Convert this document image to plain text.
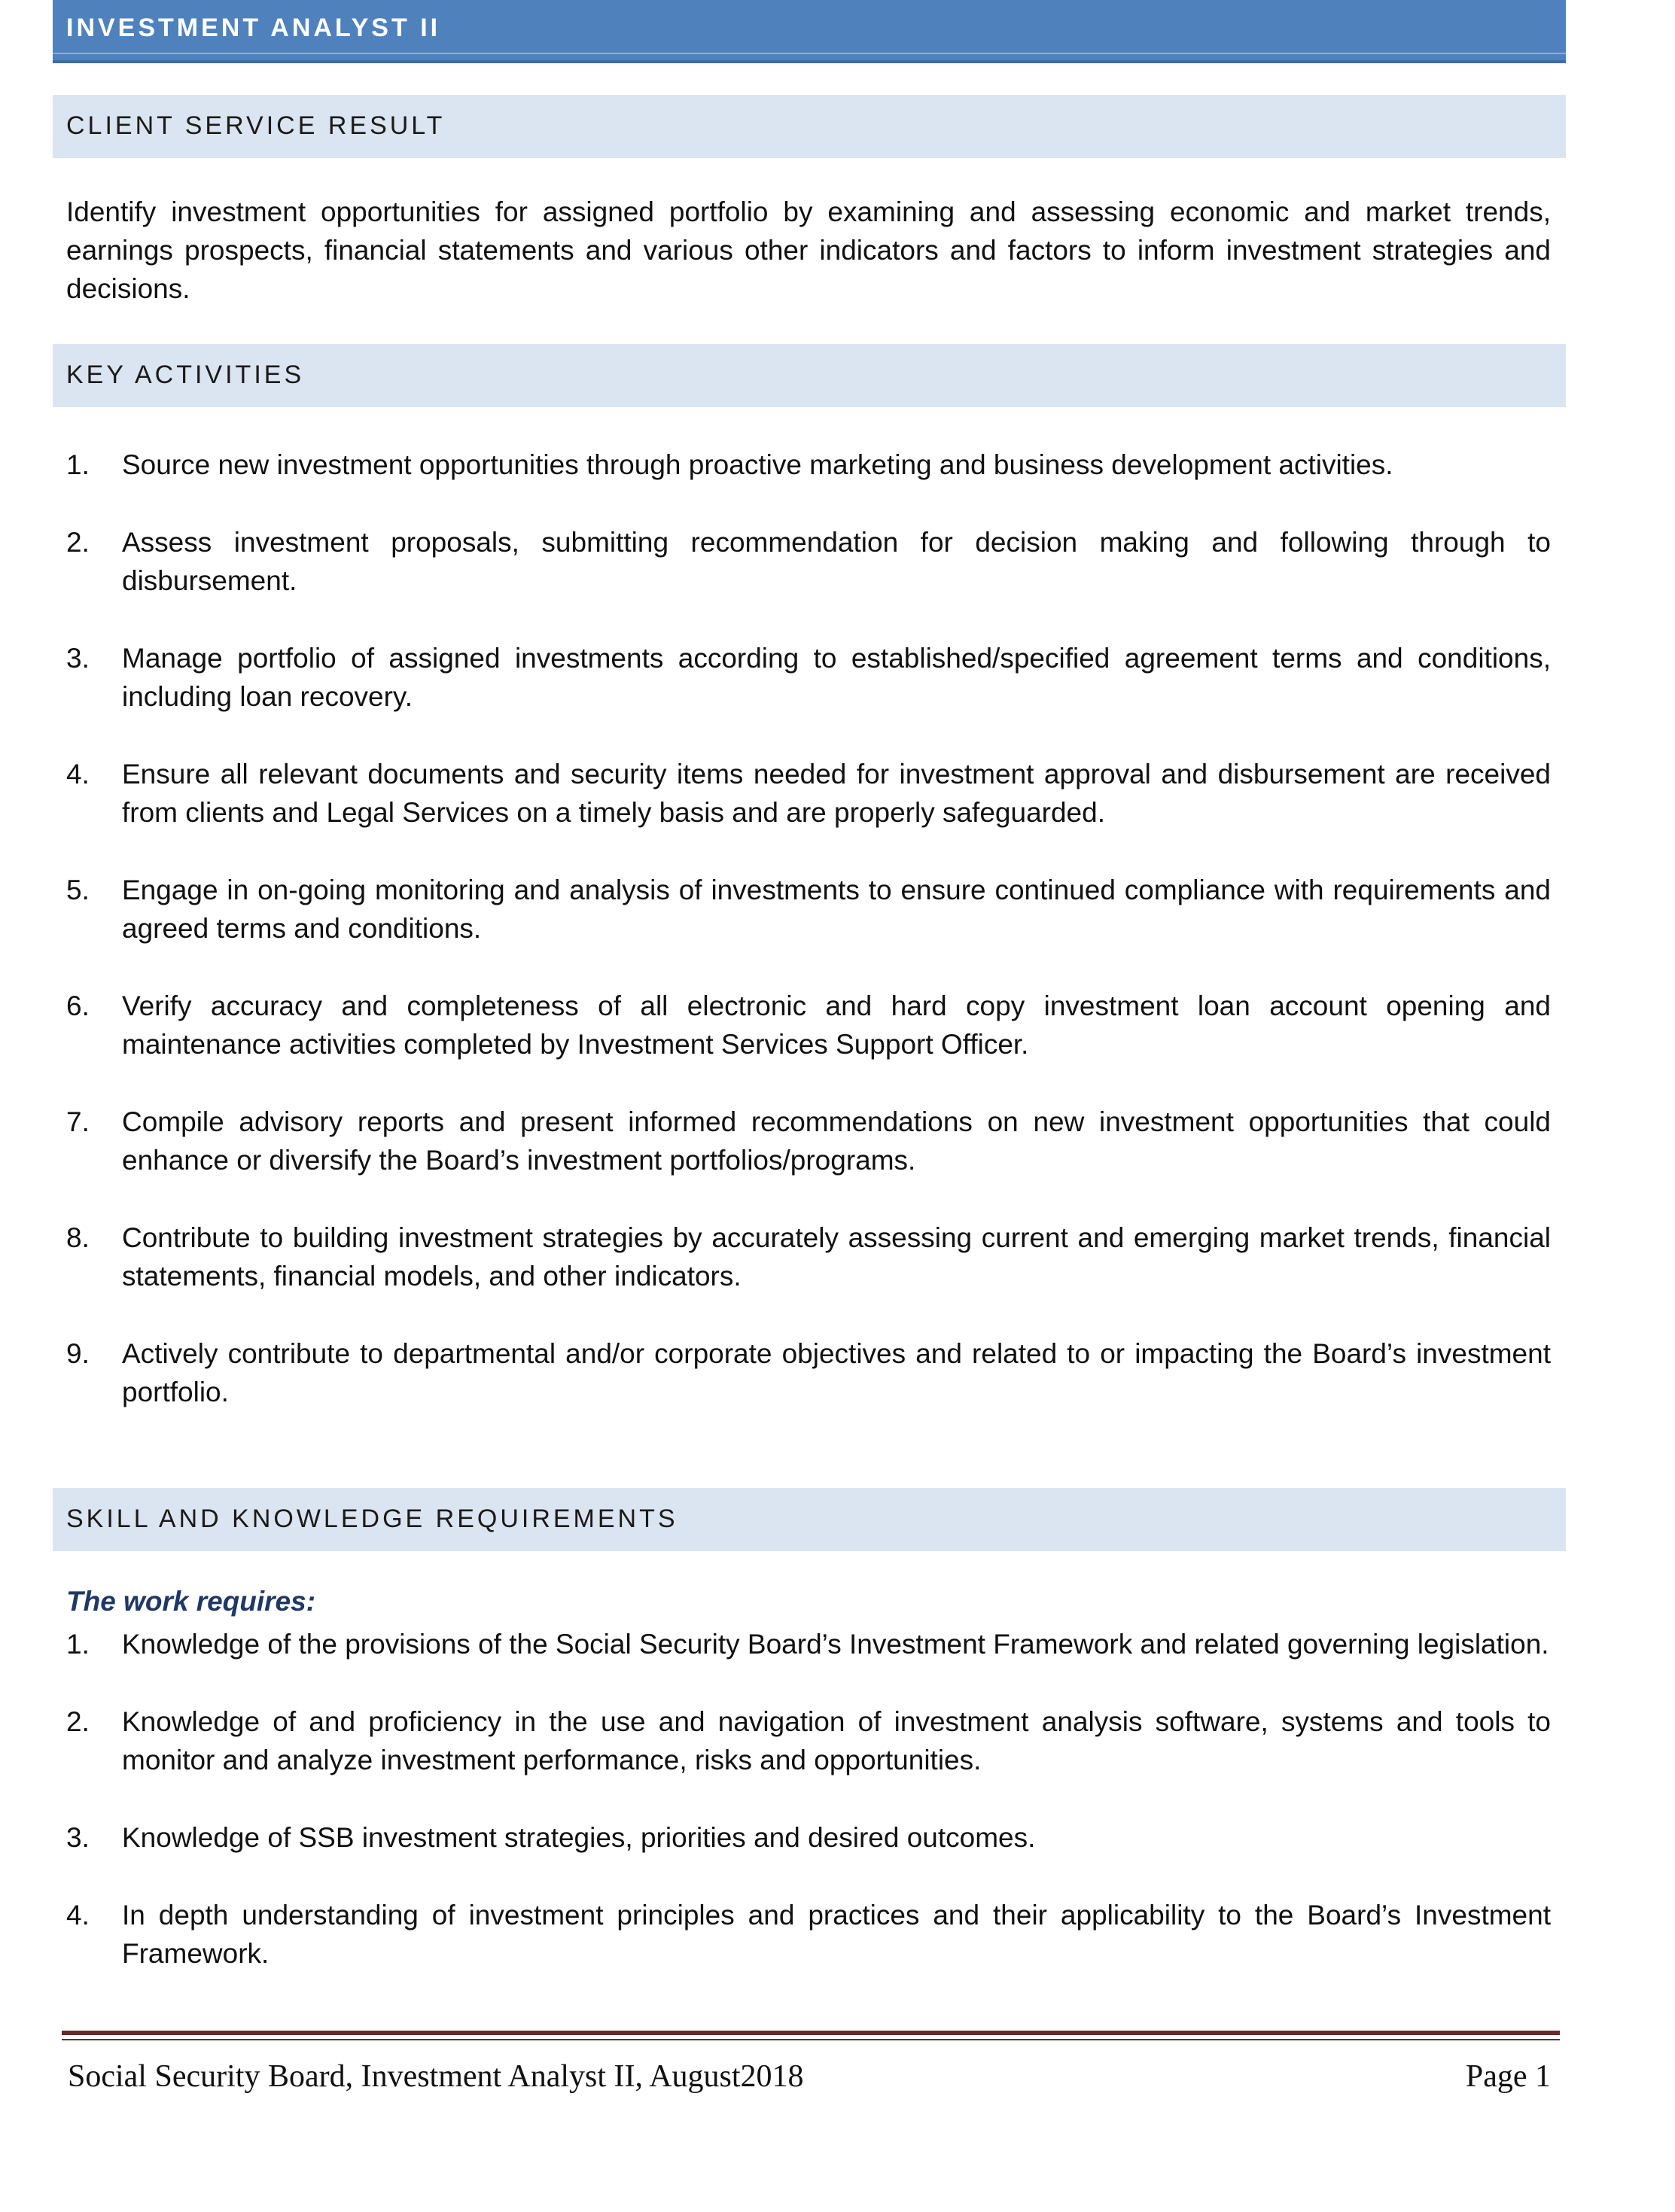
INVESTMENT ANALYST II
CLIENT SERVICE RESULT
Identify investment opportunities for assigned portfolio by examining and assessing economic and market trends, earnings prospects, financial statements and various other indicators and factors to inform investment strategies and decisions.
KEY ACTIVITIES
1. Source new investment opportunities through proactive marketing and business development activities.
2. Assess investment proposals, submitting recommendation for decision making and following through to disbursement.
3. Manage portfolio of assigned investments according to established/specified agreement terms and conditions, including loan recovery.
4. Ensure all relevant documents and security items needed for investment approval and disbursement are received from clients and Legal Services on a timely basis and are properly safeguarded.
5. Engage in on-going monitoring and analysis of investments to ensure continued compliance with requirements and agreed terms and conditions.
6. Verify accuracy and completeness of all electronic and hard copy investment loan account opening and maintenance activities completed by Investment Services Support Officer.
7. Compile advisory reports and present informed recommendations on new investment opportunities that could enhance or diversify the Board’s investment portfolios/programs.
8. Contribute to building investment strategies by accurately assessing current and emerging market trends, financial statements, financial models, and other indicators.
9. Actively contribute to departmental and/or corporate objectives and related to or impacting the Board’s investment portfolio.
SKILL AND KNOWLEDGE REQUIREMENTS
The work requires:
1. Knowledge of the provisions of the Social Security Board’s Investment Framework and related governing legislation.
2. Knowledge of and proficiency in the use and navigation of investment analysis software, systems and tools to monitor and analyze investment performance, risks and opportunities.
3. Knowledge of SSB investment strategies, priorities and desired outcomes.
4. In depth understanding of investment principles and practices and their applicability to the Board’s Investment Framework.
Social Security Board, Investment Analyst II, August2018	Page 1
